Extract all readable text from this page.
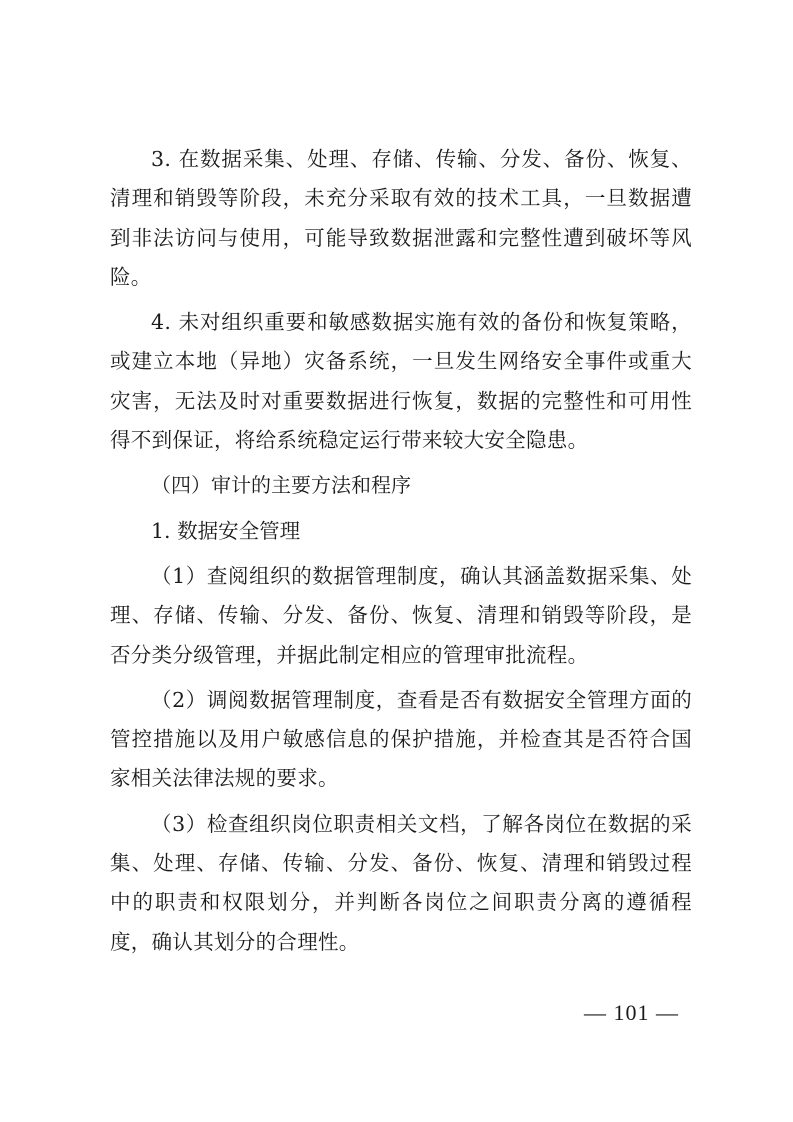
3. 在数据采集、处理、存储、传输、分发、备份、恢复、清理和销毁等阶段，未充分采取有效的技术工具，一旦数据遭到非法访问与使用，可能导致数据泄露和完整性遭到破坏等风险。

4. 未对组织重要和敏感数据实施有效的备份和恢复策略，或建立本地（异地）灾备系统，一旦发生网络安全事件或重大灾害，无法及时对重要数据进行恢复，数据的完整性和可用性得不到保证，将给系统稳定运行带来较大安全隐患。

（四）审计的主要方法和程序

1. 数据安全管理

（1）查阅组织的数据管理制度，确认其涵盖数据采集、处理、存储、传输、分发、备份、恢复、清理和销毁等阶段，是否分类分级管理，并据此制定相应的管理审批流程。

（2）调阅数据管理制度，查看是否有数据安全管理方面的管控措施以及用户敏感信息的保护措施，并检查其是否符合国家相关法律法规的要求。

（3）检查组织岗位职责相关文档，了解各岗位在数据的采集、处理、存储、传输、分发、备份、恢复、清理和销毁过程中的职责和权限划分，并判断各岗位之间职责分离的遵循程度，确认其划分的合理性。

— 101 —
